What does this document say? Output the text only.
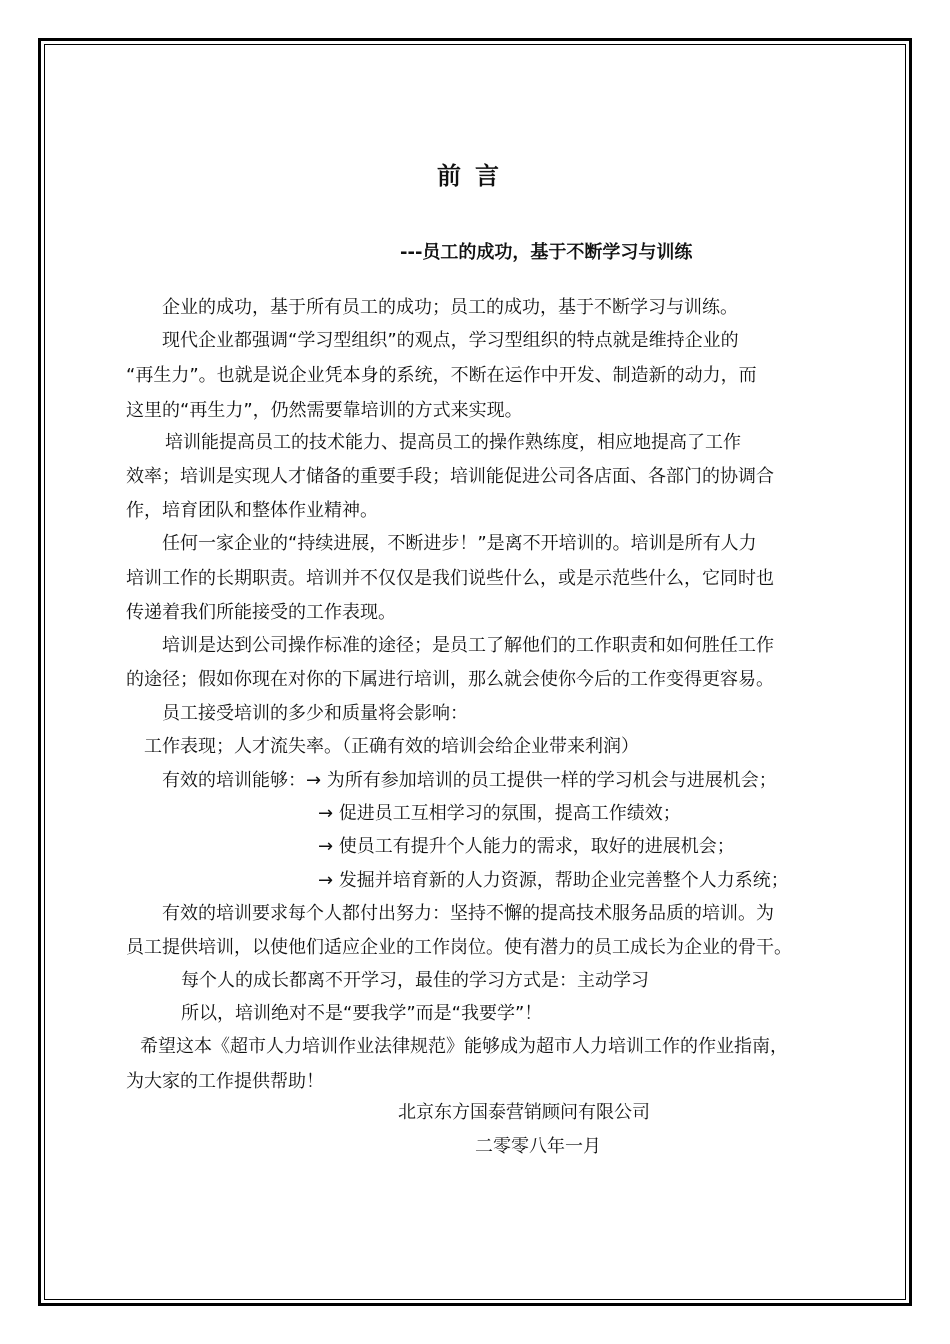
前言
---员工的成功，基于不断学习与训练
企业的成功，基于所有员工的成功；员工的成功，基于不断学习与训练。
现代企业都强调“学习型组织”的观点，学习型组织的特点就是维持企业的
“再生力”。也就是说企业凭本身的系统，不断在运作中开发、制造新的动力，而
这里的“再生力”，仍然需要靠培训的方式来实现。
培训能提高员工的技术能力、提高员工的操作熟练度，相应地提高了工作
效率；培训是实现人才储备的重要手段；培训能促进公司各店面、各部门的协调合
作，培育团队和整体作业精神。
任何一家企业的“持续进展，不断进步！”是离不开培训的。培训是所有人力
培训工作的长期职责。培训并不仅仅是我们说些什么，或是示范些什么，它同时也
传递着我们所能接受的工作表现。
培训是达到公司操作标准的途径；是员工了解他们的工作职责和如何胜任工作
的途径；假如你现在对你的下属进行培训，那么就会使你今后的工作变得更容易。
员工接受培训的多少和质量将会影响：
工作表现；人才流失率。（正确有效的培训会给企业带来利润）
有效的培训能够：→ 为所有参加培训的员工提供一样的学习机会与进展机会；
→ 促进员工互相学习的氛围，提高工作绩效；
→ 使员工有提升个人能力的需求，取好的进展机会；
→ 发掘并培育新的人力资源，帮助企业完善整个人力系统；
有效的培训要求每个人都付出努力：坚持不懈的提高技术服务品质的培训。为
员工提供培训，以使他们适应企业的工作岗位。使有潜力的员工成长为企业的骨干。
每个人的成长都离不开学习，最佳的学习方式是：主动学习
所以，培训绝对不是“要我学”而是“我要学”！
希望这本《超市人力培训作业法律规范》能够成为超市人力培训工作的作业指南，
为大家的工作提供帮助！
北京东方国泰营销顾问有限公司
二零零八年一月
